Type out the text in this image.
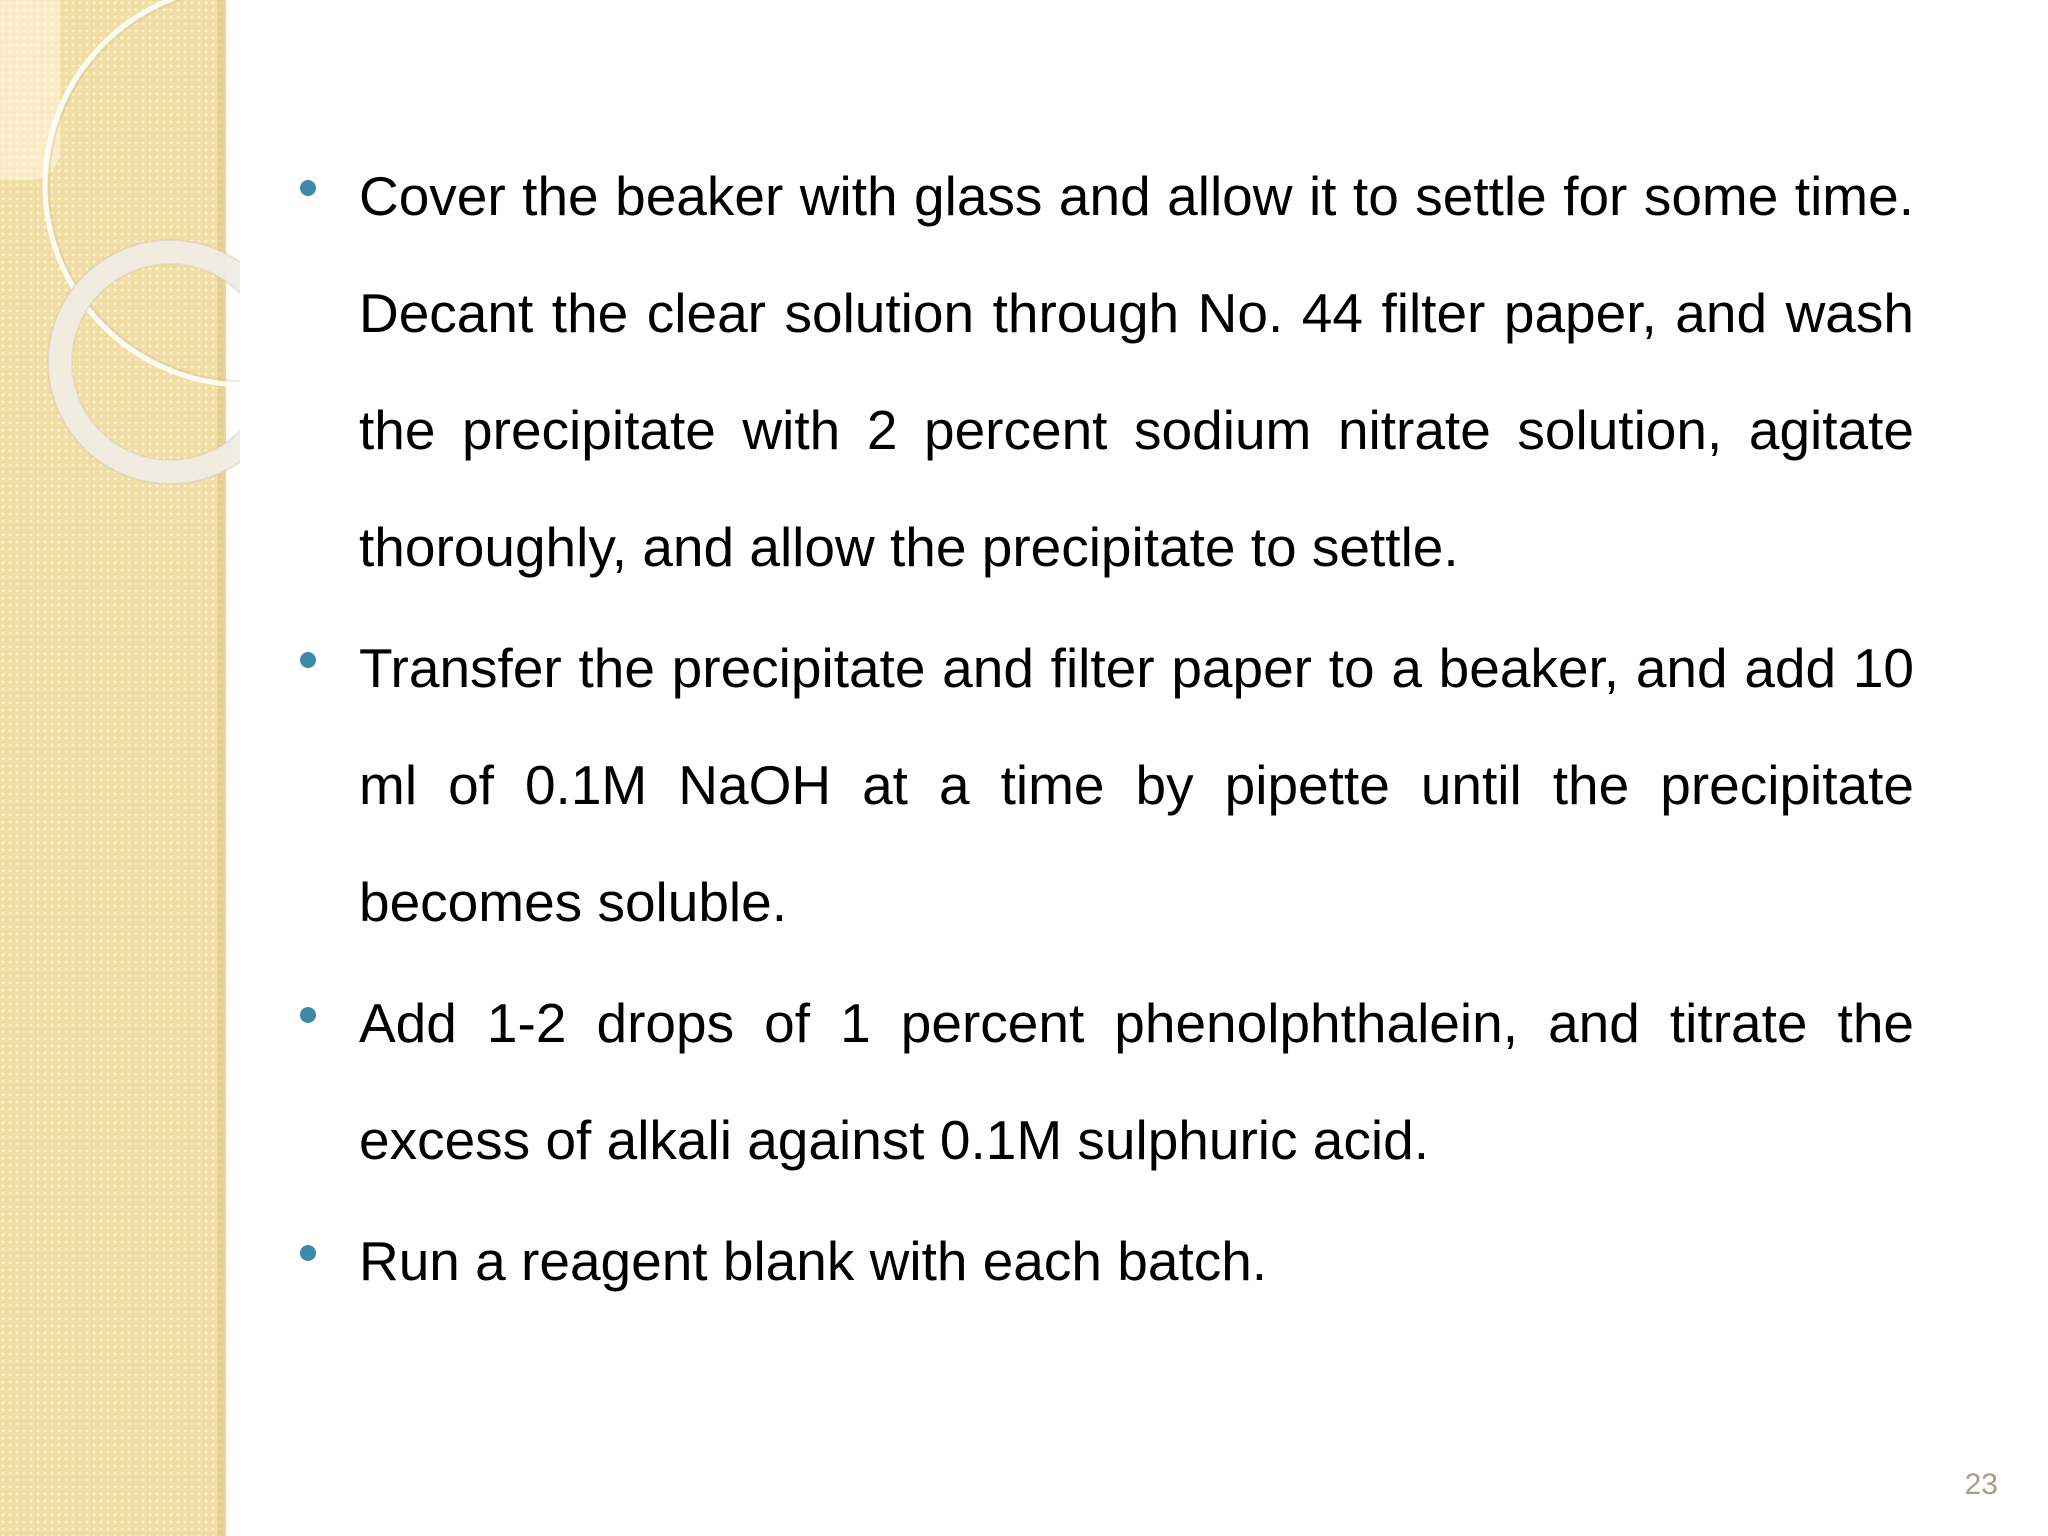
Cover the beaker with glass and allow it to settle for some time. Decant the clear solution through No. 44 filter paper, and wash the precipitate with 2 percent sodium nitrate solution, agitate thoroughly, and allow the precipitate to settle.

Transfer the precipitate and filter paper to a beaker, and add 10 ml of 0.1M NaOH at a time by pipette until the precipitate becomes soluble.

Add 1-2 drops of 1 percent phenolphthalein, and titrate the excess of alkali against 0.1M sulphuric acid.

Run a reagent blank with each batch.

23
